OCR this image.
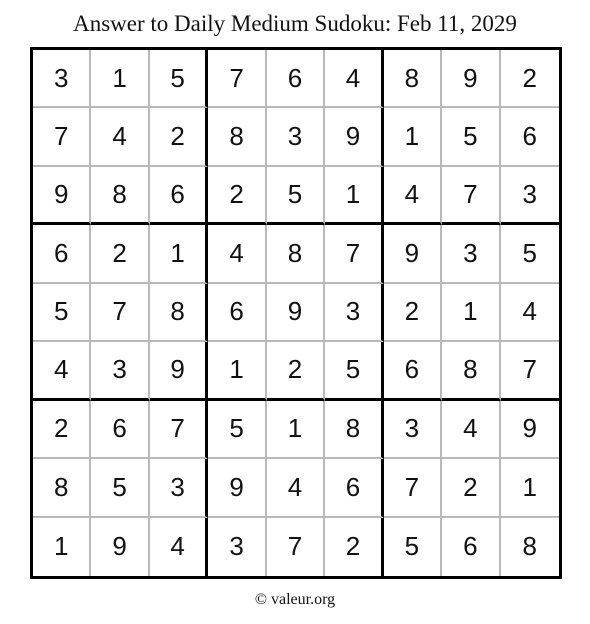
Answer to Daily Medium Sudoku: Feb 11, 2029
3	1	5	7	6	4	8	9	2
7	4	2	8	3	9	1	5	6
9	8	6	2	5	1	4	7	3
6	2	1	4	8	7	9	3	5
5	7	8	6	9	3	2	1	4
4	3	9	1	2	5	6	8	7
2	6	7	5	1	8	3	4	9
8	5	3	9	4	6	7	2	1
1	9	4	3	7	2	5	6	8
© valeur.org
